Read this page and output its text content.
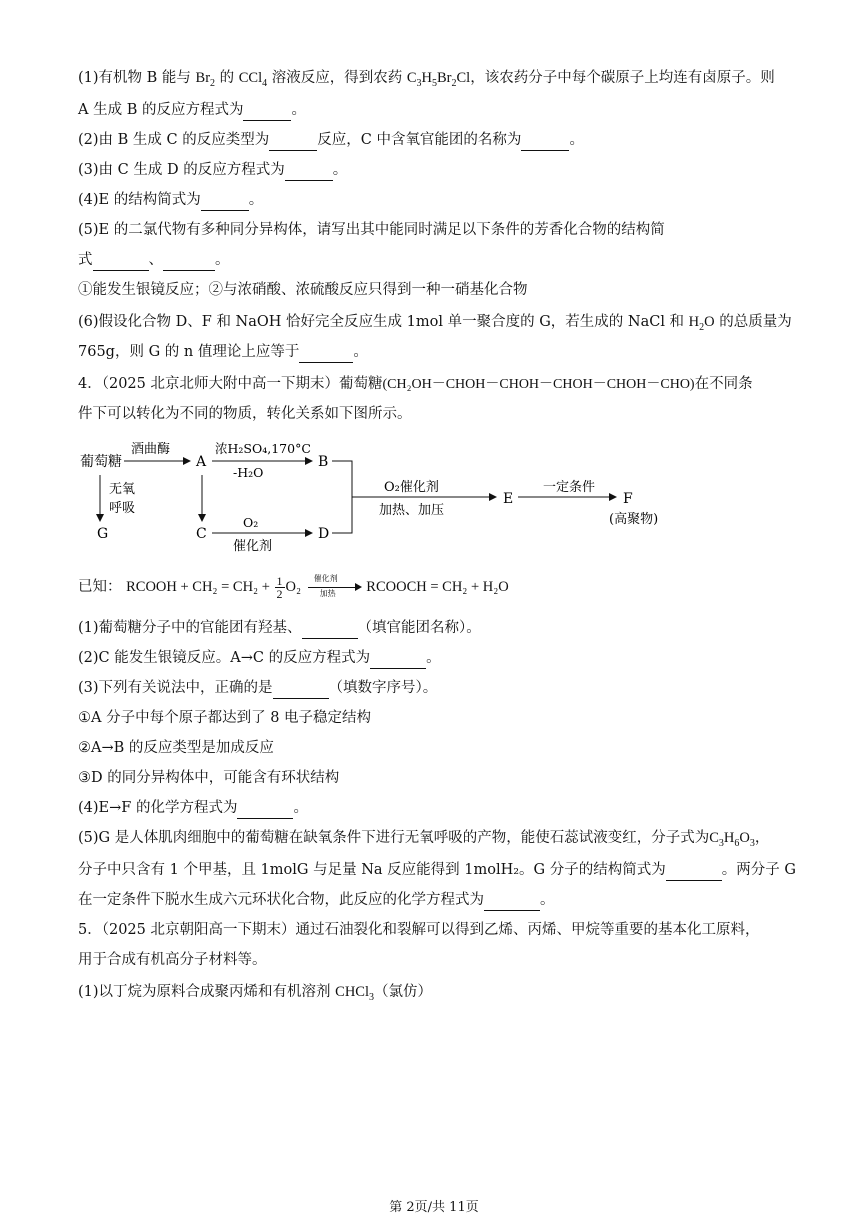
(1)有机物 B 能与 $Br_2$ 的 CCl$_4$ 溶液反应，得到农药 $C_3H_5Br_2Cl$，该农药分子中每个碳原子上均连有卤原子。则
A 生成 B 的反应方程式为	。
(2)由 B 生成 C 的反应类型为	反应，C 中含氧官能团的名称为	。
(3)由 C 生成 D 的反应方程式为	。
(4)E 的结构简式为	。
(5)E 的二氯代物有多种同分异构体，请写出其中能同时满足以下条件的芳香化合物的结构简
式	、	。
①能发生银镜反应；②与浓硝酸、浓硫酸反应只得到一种一硝基化合物
(6)假设化合物 D、F 和 NaOH 恰好完全反应生成 1mol 单一聚合度的 G，若生成的 NaCl 和 $H_2O$ 的总质量为
765g，则 G 的 n 值理论上应等于	。
4．（2025 北京北师大附中高一下期末）葡萄糖(CH₂OH－CHOH－CHOH－CHOH－CHOH－CHO)在不同条
件下可以转化为不同的物质，转化关系如下图所示。
葡萄糖	A	B
C	D
E	F
(高聚物)
G
酒曲酶	浓H₂SO₄,170°C
-H₂O
无氧
呼吸
O₂
催化剂
O₂催化剂
加热、加压
一定条件
已知： RCOOH + $CH_2 = CH_2 + \frac{1}{2} O_2$
催化剂
加热 RCOOCH = CH₂ + H₂O
(1)葡萄糖分子中的官能团有羟基、	（填官能团名称）。
(2)C 能发生银镜反应。A→C 的反应方程式为	。
(3)下列有关说法中，正确的是	（填数字序号）。
①A 分子中每个原子都达到了 8 电子稳定结构
②A→B 的反应类型是加成反应
③D 的同分异构体中，可能含有环状结构
(4)E→F 的化学方程式为	。
(5)G 是人体肌肉细胞中的葡萄糖在缺氧条件下进行无氧呼吸的产物，能使石蕊试液变红，分子式为$C_3H_6O_3$，
分子中只含有 1 个甲基，且 1molG 与足量 Na 反应能得到 1molH₂。G 分子的结构简式为	。两分子 G
在一定条件下脱水生成六元环状化合物，此反应的化学方程式为	。
5．（2025 北京朝阳高一下期末）通过石油裂化和裂解可以得到乙烯、丙烯、甲烷等重要的基本化工原料，
用于合成有机高分子材料等。
(1)以丁烷为原料合成聚丙烯和有机溶剂 CHCl$_3$（氯仿）
第 2页/共 11页
